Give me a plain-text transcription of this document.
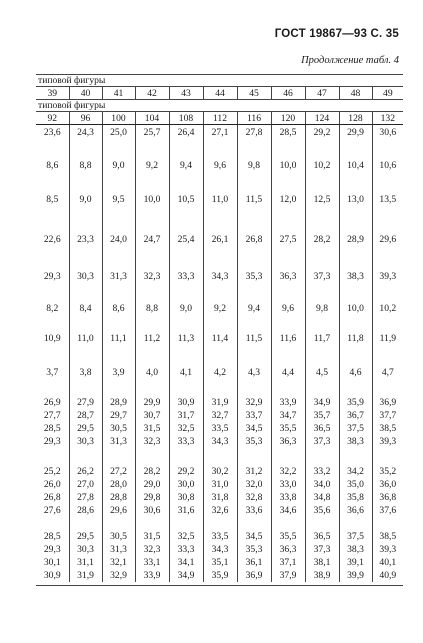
ГОСТ 19867—93 С. 35
Продолжение табл. 4
типовой фигуры										
39	40	41	42	43	44	45	46	47	48	49
типовой фигуры										
92	96	100	104	108	112	116	120	124	128	132

23,6	24,3	25,0	25,7	26,4	27,1	27,8	28,5	29,2	29,9	30,6

8,6	8,8	9,0	9,2	9,4	9,6	9,8	10,0	10,2	10,4	10,6

8,5	9,0	9,5	10,0	10,5	11,0	11,5	12,0	12,5	13,0	13,5

22,6	23,3	24,0	24,7	25,4	26,1	26,8	27,5	28,2	28,9	29,6

29,3	30,3	31,3	32,3	33,3	34,3	35,3	36,3	37,3	38,3	39,3

8,2	8,4	8,6	8,8	9,0	9,2	9,4	9,6	9,8	10,0	10,2

10,9	11,0	11,1	11,2	11,3	11,4	11,5	11,6	11,7	11,8	11,9

3,7	3,8	3,9	4,0	4,1	4,2	4,3	4,4	4,5	4,6	4,7

26,9	27,9	28,9	29,9	30,9	31,9	32,9	33,9	34,9	35,9	36,9
27,7	28,7	29,7	30,7	31,7	32,7	33,7	34,7	35,7	36,7	37,7
28,5	29,5	30,5	31,5	32,5	33,5	34,5	35,5	36,5	37,5	38,5
29,3	30,3	31,3	32,3	33,3	34,3	35,3	36,3	37,3	38,3	39,3

25,2	26,2	27,2	28,2	29,2	30,2	31,2	32,2	33,2	34,2	35,2
26,0	27,0	28,0	29,0	30,0	31,0	32,0	33,0	34,0	35,0	36,0
26,8	27,8	28,8	29,8	30,8	31,8	32,8	33,8	34,8	35,8	36,8
27,6	28,6	29,6	30,6	31,6	32,6	33,6	34,6	35,6	36,6	37,6

28,5	29,5	30,5	31,5	32,5	33,5	34,5	35,5	36,5	37,5	38,5
29,3	30,3	31,3	32,3	33,3	34,3	35,3	36,3	37,3	38,3	39,3
30,1	31,1	32,1	33,1	34,1	35,1	36,1	37,1	38,1	39,1	40,1
30,9	31,9	32,9	33,9	34,9	35,9	36,9	37,9	38,9	39,9	40,9
